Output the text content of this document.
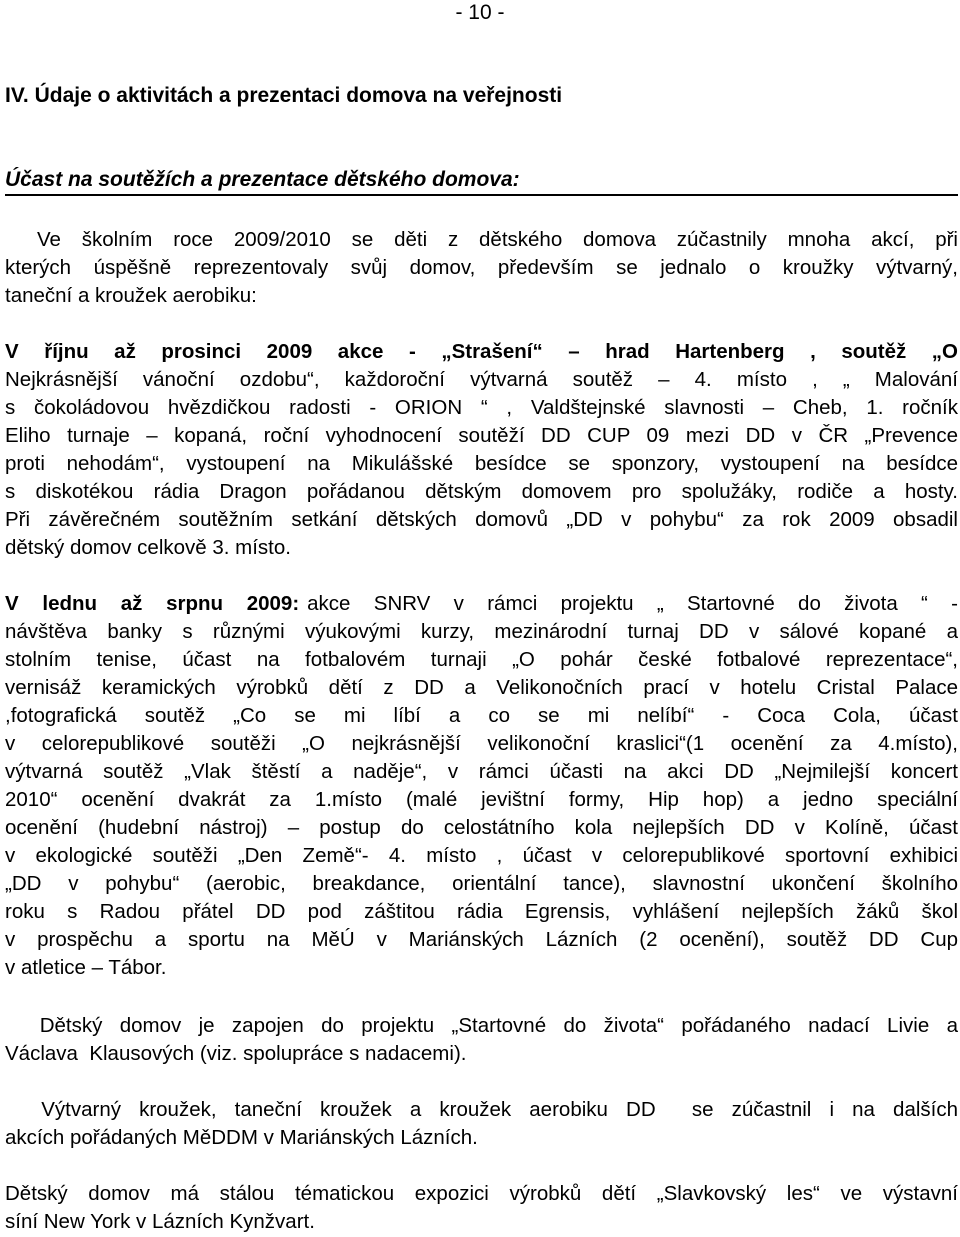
- 10 -
IV. Údaje o aktivitách a prezentaci domova na veřejnosti
Účast na soutěžích a prezentace dětského domova:
Ve školním roce 2009/2010 se děti z dětského domova zúčastnily mnoha akcí, při
kterých úspěšně reprezentovaly svůj domov, především se jednalo o kroužky výtvarný,
taneční a kroužek aerobiku:
V říjnu až prosinci 2009 akce - „Strašení“ – hrad Hartenberg , soutěž „O
Nejkrásnější vánoční ozdobu“, každoroční výtvarná soutěž – 4. místo , „ Malování
s čokoládovou hvězdičkou radosti - ORION “ , Valdštejnské slavnosti – Cheb, 1. ročník
Eliho turnaje – kopaná, roční vyhodnocení soutěží DD CUP 09 mezi DD v ČR „Prevence
proti nehodám“, vystoupení na Mikulášské besídce se sponzory, vystoupení na besídce
s diskotékou rádia Dragon pořádanou dětským domovem pro spolužáky, rodiče a hosty.
Při závěrečném soutěžním setkání dětských domovů „DD v pohybu“ za rok 2009 obsadil
dětský domov celkově 3. místo.
V lednu až srpnu 2009: akce SNRV v rámci projektu „ Startovné do života “ -
návštěva banky s různými výukovými kurzy, mezinárodní turnaj DD v sálové kopané a
stolním tenise, účast na fotbalovém turnaji „O pohár české fotbalové reprezentace“,
vernisáž keramických výrobků dětí z DD a Velikonočních prací v hotelu Cristal Palace
,fotografická soutěž „Co se mi líbí a co se mi nelíbí“ - Coca Cola, účast
v celorepublikové soutěži „O nejkrásnější velikonoční kraslici“(1 ocenění za 4.místo),
výtvarná soutěž „Vlak štěstí a naděje“, v rámci účasti na akci DD „Nejmilejší koncert
2010“ ocenění dvakrát za 1.místo (malé jevištní formy, Hip hop) a jedno speciální
ocenění (hudební nástroj) – postup do celostátního kola nejlepších DD v Kolíně, účast
v ekologické soutěži „Den Země“- 4. místo , účast v celorepublikové sportovní exhibici
„DD v pohybu“ (aerobic, breakdance, orientální tance), slavnostní ukončení školního
roku s Radou přátel DD pod záštitou rádia Egrensis, vyhlášení nejlepších žáků škol
v prospěchu a sportu na MěÚ v Mariánských Lázních (2 ocenění), soutěž DD Cup
v atletice – Tábor.
Dětský domov je zapojen do projektu „Startovné do života“ pořádaného nadací Livie a
Václava  Klausových (viz. spolupráce s nadacemi).
Výtvarný kroužek, taneční kroužek a kroužek aerobiku DD  se zúčastnil i na dalších
akcích pořádaných MěDDM v Mariánských Lázních.
Dětský domov má stálou tématickou expozici výrobků dětí „Slavkovský les“ ve výstavní
síní New York v Lázních Kynžvart.
